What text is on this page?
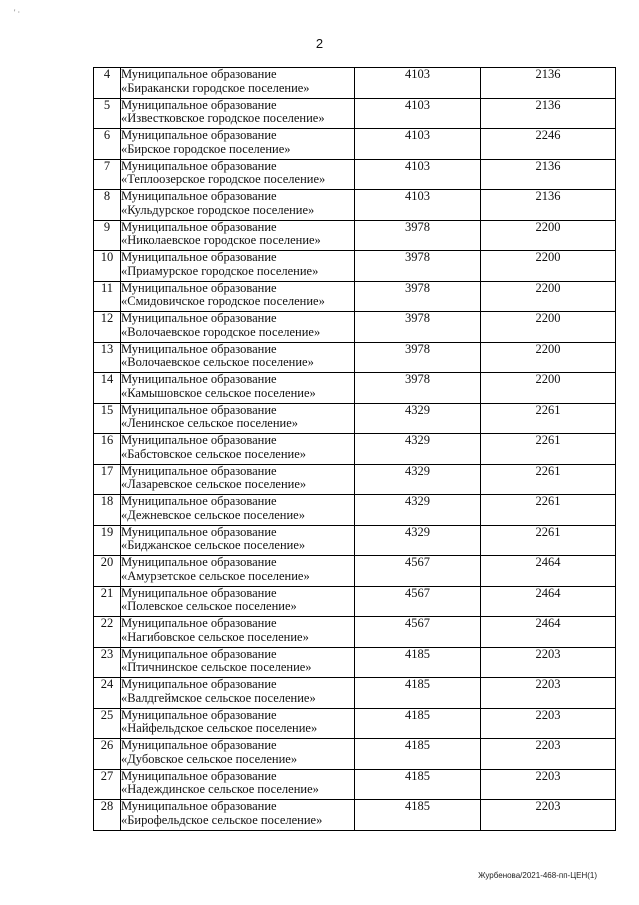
' ·
2
4	Муниципальное образование
«Биракански городское поселение»	4103	2136

5	Муниципальное образование
«Известковское городское поселение»	4103	2136

6	Муниципальное образование
«Бирское городское поселение»	4103	2246

7	Муниципальное образование
«Теплоозерское городское поселение»	4103	2136

8	Муниципальное образование
«Кульдурское городское поселение»	4103	2136

9	Муниципальное образование
«Николаевское городское поселение»	3978	2200

10	Муниципальное образование
«Приамурское городское поселение»	3978	2200

11	Муниципальное образование
«Смидовичское городское поселение»	3978	2200

12	Муниципальное образование
«Волочаевское городское поселение»	3978	2200

13	Муниципальное образование
«Волочаевское сельское поселение»	3978	2200

14	Муниципальное образование
«Камышовское сельское поселение»	3978	2200

15	Муниципальное образование
«Ленинское сельское поселение»	4329	2261

16	Муниципальное образование
«Бабстовское сельское поселение»	4329	2261

17	Муниципальное образование
«Лазаревское сельское поселение»	4329	2261

18	Муниципальное образование
«Дежневское сельское поселение»	4329	2261

19	Муниципальное образование
«Биджанское сельское поселение»	4329	2261

20	Муниципальное образование
«Амурзетское сельское поселение»	4567	2464

21	Муниципальное образование
«Полевское сельское поселение»	4567	2464

22	Муниципальное образование
«Нагибовское сельское поселение»	4567	2464

23	Муниципальное образование
«Птичнинское сельское поселение»	4185	2203

24	Муниципальное образование
«Валдгеймское сельское поселение»	4185	2203

25	Муниципальное образование
«Найфельдское сельское поселение»	4185	2203

26	Муниципальное образование
«Дубовское сельское поселение»	4185	2203

27	Муниципальное образование
«Надеждинское сельское поселение»	4185	2203

28	Муниципальное образование
«Бирофельдское сельское поселение»	4185	2203
Журбенова/2021-468-пп-ЦЕН(1)
